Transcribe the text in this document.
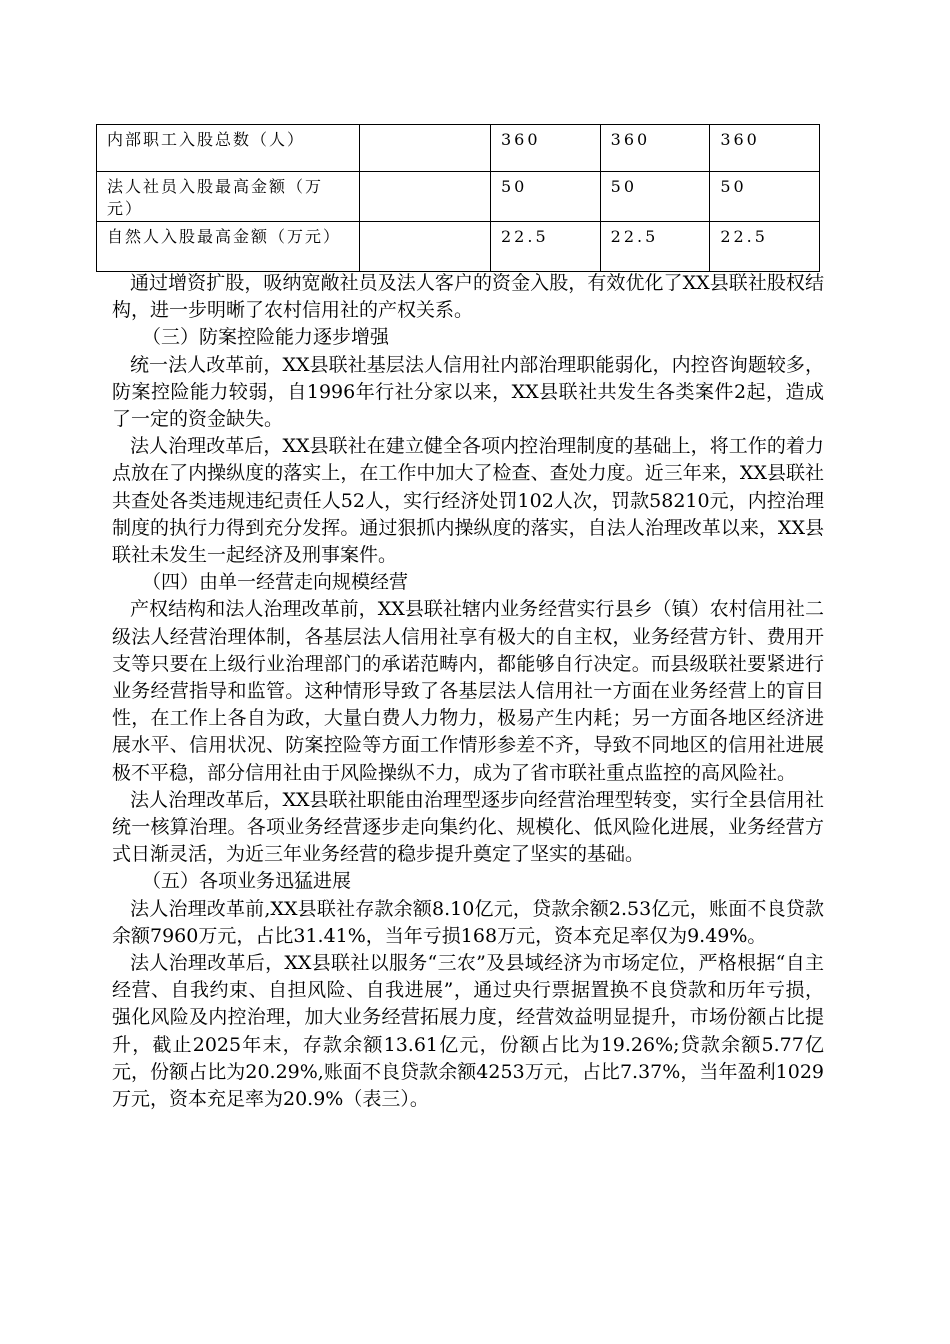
内部职工入股总数（人）		360	360	360
法人社员入股最高金额（万元）		50	50	50
自然人入股最高金额（万元）		22.5	22.5	22.5

通过增资扩股，吸纳宽敞社员及法人客户的资金入股，有效优化了XX县联社股权结构，进一步明晰了农村信用社的产权关系。

（三）防案控险能力逐步增强

统一法人改革前，XX县联社基层法人信用社内部治理职能弱化，内控咨询题较多，防案控险能力较弱，自1996年行社分家以来，XX县联社共发生各类案件2起，造成了一定的资金缺失。

法人治理改革后，XX县联社在建立健全各项内控治理制度的基础上，将工作的着力点放在了内操纵度的落实上，在工作中加大了检查、查处力度。近三年来，XX县联社共查处各类违规违纪责任人52人，实行经济处罚102人次，罚款58210元，内控治理制度的执行力得到充分发挥。通过狠抓内操纵度的落实，自法人治理改革以来，XX县联社未发生一起经济及刑事案件。

（四）由单一经营走向规模经营

产权结构和法人治理改革前，XX县联社辖内业务经营实行县乡（镇）农村信用社二级法人经营治理体制，各基层法人信用社享有极大的自主权，业务经营方针、费用开支等只要在上级行业治理部门的承诺范畴内，都能够自行决定。而县级联社要紧进行业务经营指导和监管。这种情形导致了各基层法人信用社一方面在业务经营上的盲目性，在工作上各自为政，大量白费人力物力，极易产生内耗；另一方面各地区经济进展水平、信用状况、防案控险等方面工作情形参差不齐，导致不同地区的信用社进展极不平稳，部分信用社由于风险操纵不力，成为了省市联社重点监控的高风险社。

法人治理改革后，XX县联社职能由治理型逐步向经营治理型转变，实行全县信用社统一核算治理。各项业务经营逐步走向集约化、规模化、低风险化进展，业务经营方式日渐灵活，为近三年业务经营的稳步提升奠定了坚实的基础。

（五）各项业务迅猛进展

法人治理改革前,XX县联社存款余额8.10亿元，贷款余额2.53亿元，账面不良贷款余额7960万元，占比31.41%，当年亏损168万元，资本充足率仅为9.49%。

法人治理改革后，XX县联社以服务“三农”及县域经济为市场定位，严格根据“自主经营、自我约束、自担风险、自我进展”，通过央行票据置换不良贷款和历年亏损，强化风险及内控治理，加大业务经营拓展力度，经营效益明显提升，市场份额占比提升，截止2025年末，存款余额13.61亿元，份额占比为19.26%;贷款余额5.77亿元，份额占比为20.29%,账面不良贷款余额4253万元，占比7.37%，当年盈利1029万元，资本充足率为20.9%（表三）。
